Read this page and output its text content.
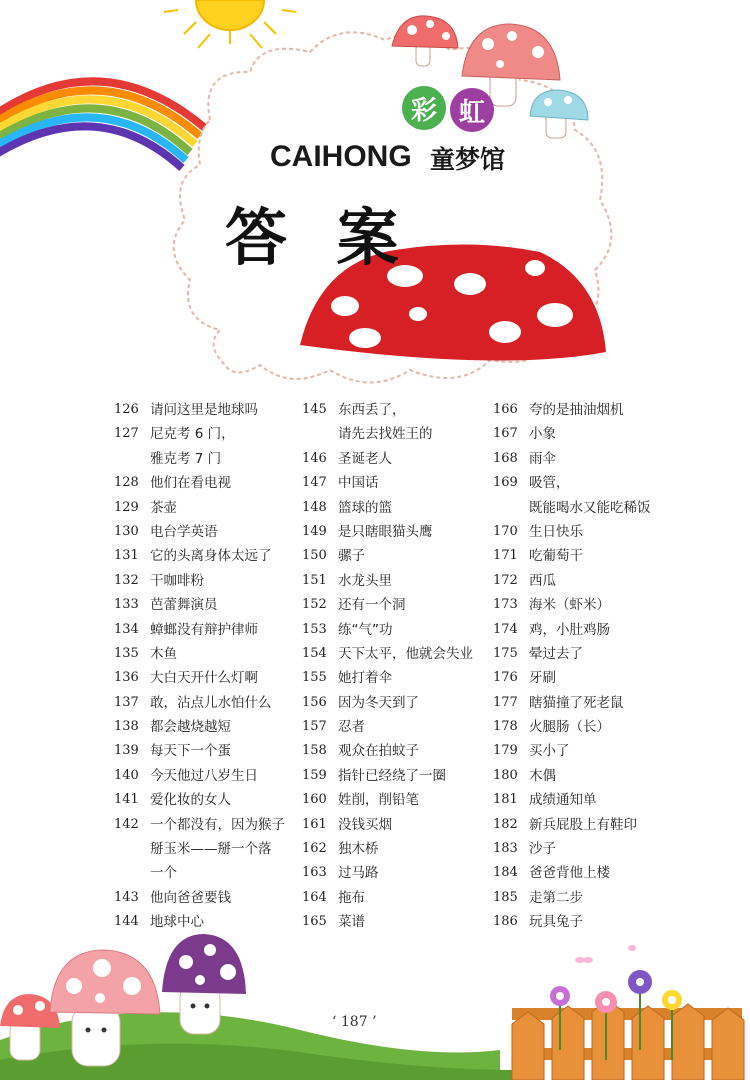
彩 虹
CAIHONG 童梦馆
答 案
126 请问这里是地球吗
127 尼克考 6 门，
雅克考 7 门
128 他们在看电视
129 茶壶
130 电台学英语
131 它的头离身体太远了
132 干咖啡粉
133 芭蕾舞演员
134 蟑螂没有辩护律师
135 木鱼
136 大白天开什么灯啊
137 敢，沾点儿水怕什么
138 都会越烧越短
139 每天下一个蛋
140 今天他过八岁生日
141 爱化妆的女人
142 一个都没有，因为猴子
掰玉米——掰一个落
一个
143 他向爸爸要钱
144 地球中心
145 东西丢了，
请先去找姓王的
146 圣诞老人
147 中国话
148 篮球的篮
149 是只瞎眼猫头鹰
150 骡子
151 水龙头里
152 还有一个洞
153 练“气”功
154 天下太平，他就会失业
155 她打着伞
156 因为冬天到了
157 忍者
158 观众在拍蚊子
159 指针已经绕了一圈
160 姓削，削铅笔
161 没钱买烟
162 独木桥
163 过马路
164 拖布
165 菜谱
166 夸的是抽油烟机
167 小象
168 雨伞
169 吸管，
既能喝水又能吃稀饭
170 生日快乐
171 吃葡萄干
172 西瓜
173 海米（虾米）
174 鸡，小肚鸡肠
175 晕过去了
176 牙刷
177 瞎猫撞了死老鼠
178 火腿肠（长）
179 买小了
180 木偶
181 成绩通知单
182 新兵屁股上有鞋印
183 沙子
184 爸爸背他上楼
185 走第二步
186 玩具兔子
‘ 187 ’
